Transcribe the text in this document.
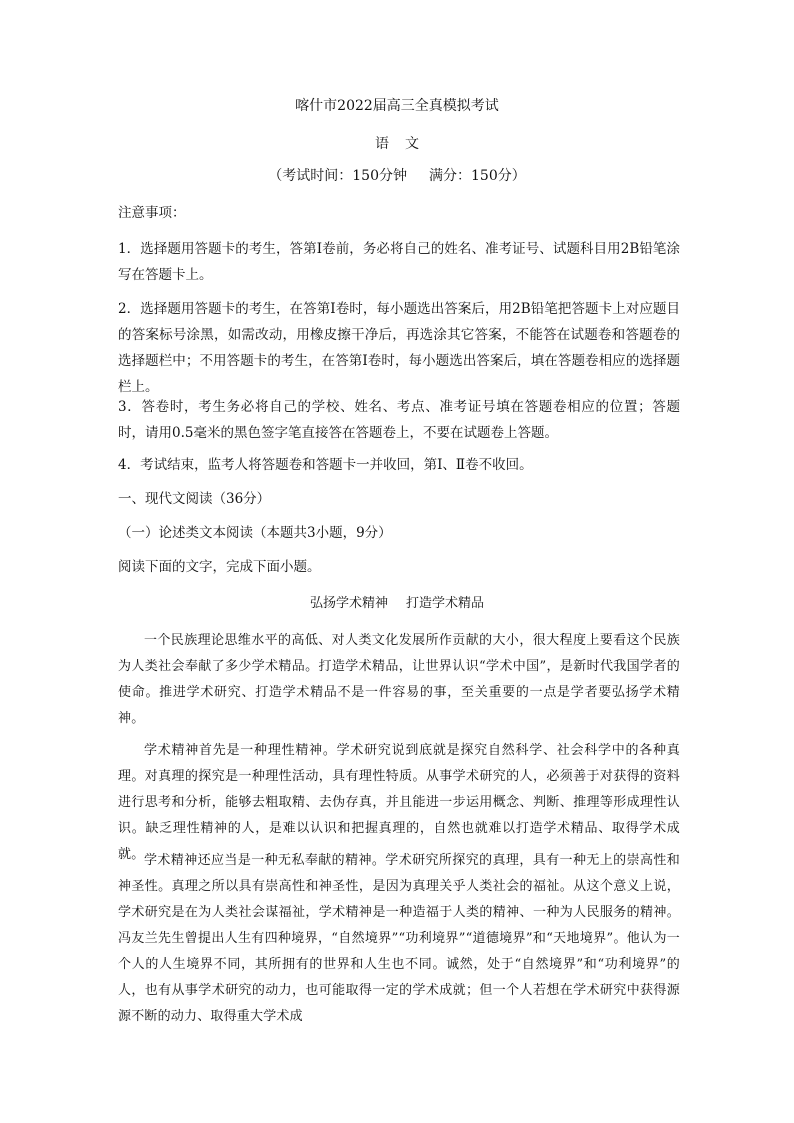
喀什市2022届高三全真模拟考试
语文
（考试时间：150分钟 满分：150分）

注意事项：

1．选择题用答题卡的考生，答第Ⅰ卷前，务必将自己的姓名、准考证号、试题科目用2B铅笔涂写在答题卡上。

2．选择题用答题卡的考生，在答第Ⅰ卷时，每小题选出答案后，用2B铅笔把答题卡上对应题目的答案标号涂黑，如需改动，用橡皮擦干净后，再选涂其它答案，不能答在试题卷和答题卷的选择题栏中；不用答题卡的考生，在答第Ⅰ卷时，每小题选出答案后，填在答题卷相应的选择题栏上。

3．答卷时，考生务必将自己的学校、姓名、考点、准考证号填在答题卷相应的位置；答题时，请用0.5毫米的黑色签字笔直接答在答题卷上，不要在试题卷上答题。

4．考试结束，监考人将答题卷和答题卡一并收回，第Ⅰ、Ⅱ卷不收回。

一、现代文阅读（36分）

（一）论述类文本阅读（本题共3小题，9分）

阅读下面的文字，完成下面小题。

弘扬学术精神 打造学术精品

一个民族理论思维水平的高低、对人类文化发展所作贡献的大小，很大程度上要看这个民族为人类社会奉献了多少学术精品。打造学术精品，让世界认识“学术中国”，是新时代我国学者的使命。推进学术研究、打造学术精品不是一件容易的事，至关重要的一点是学者要弘扬学术精神。

学术精神首先是一种理性精神。学术研究说到底就是探究自然科学、社会科学中的各种真理。对真理的探究是一种理性活动，具有理性特质。从事学术研究的人，必须善于对获得的资料进行思考和分析，能够去粗取精、去伪存真，并且能进一步运用概念、判断、推理等形成理性认识。缺乏理性精神的人，是难以认识和把握真理的，自然也就难以打造学术精品、取得学术成就。 学术精神还应当是一种无私奉献的精神。学术研究所探究的真理，具有一种无上的崇高性和神圣性。真理之所以具有崇高性和神圣性，是因为真理关乎人类社会的福祉。从这个意义上说，学术研究是在为人类社会谋福祉，学术精神是一种造福于人类的精神、一种为人民服务的精神。冯友兰先生曾提出人生有四种境界，“自然境界”“功利境界”“道德境界”和“天地境界”。他认为一个人的人生境界不同，其所拥有的世界和人生也不同。诚然，处于“自然境界”和“功利境界”的人，也有从事学术研究的动力，也可能取得一定的学术成就；但一个人若想在学术研究中获得源源不断的动力、取得重大学术成
